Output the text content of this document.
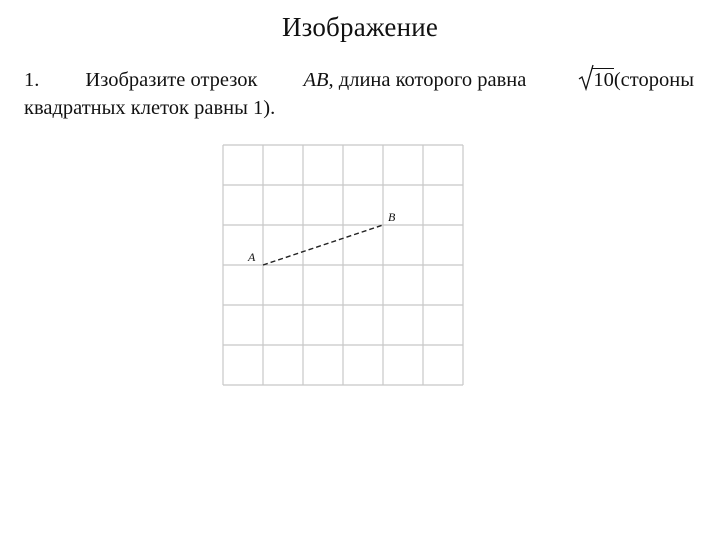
Изображение
1. Изобразите отрезок AB, длина которого равна	10(стороны
квадратных клеток равны 1).
A
B
